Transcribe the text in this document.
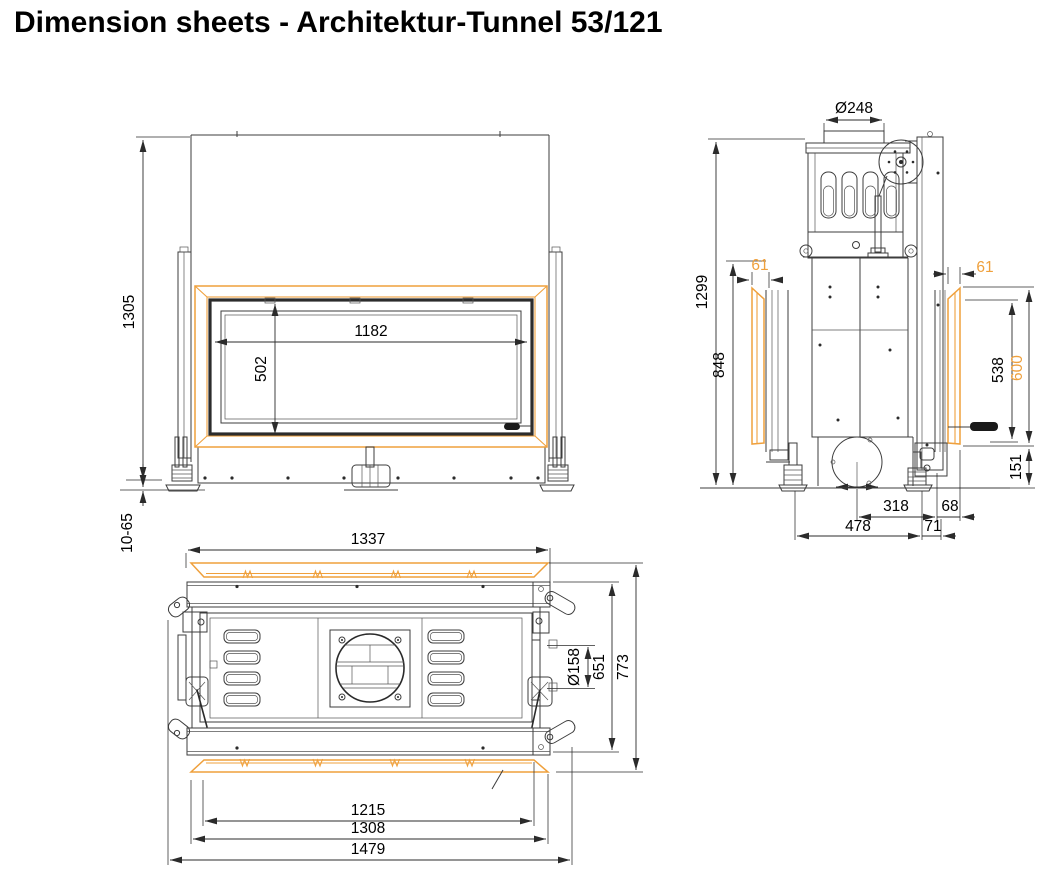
Dimension sheets - Architektur-Tunnel 53/121
1305
1182
502
10-65
Ø248
1299
848
61	61
538 600
151
318 68
478	71
1337
Ø158 651 773
1215
1308
1479
